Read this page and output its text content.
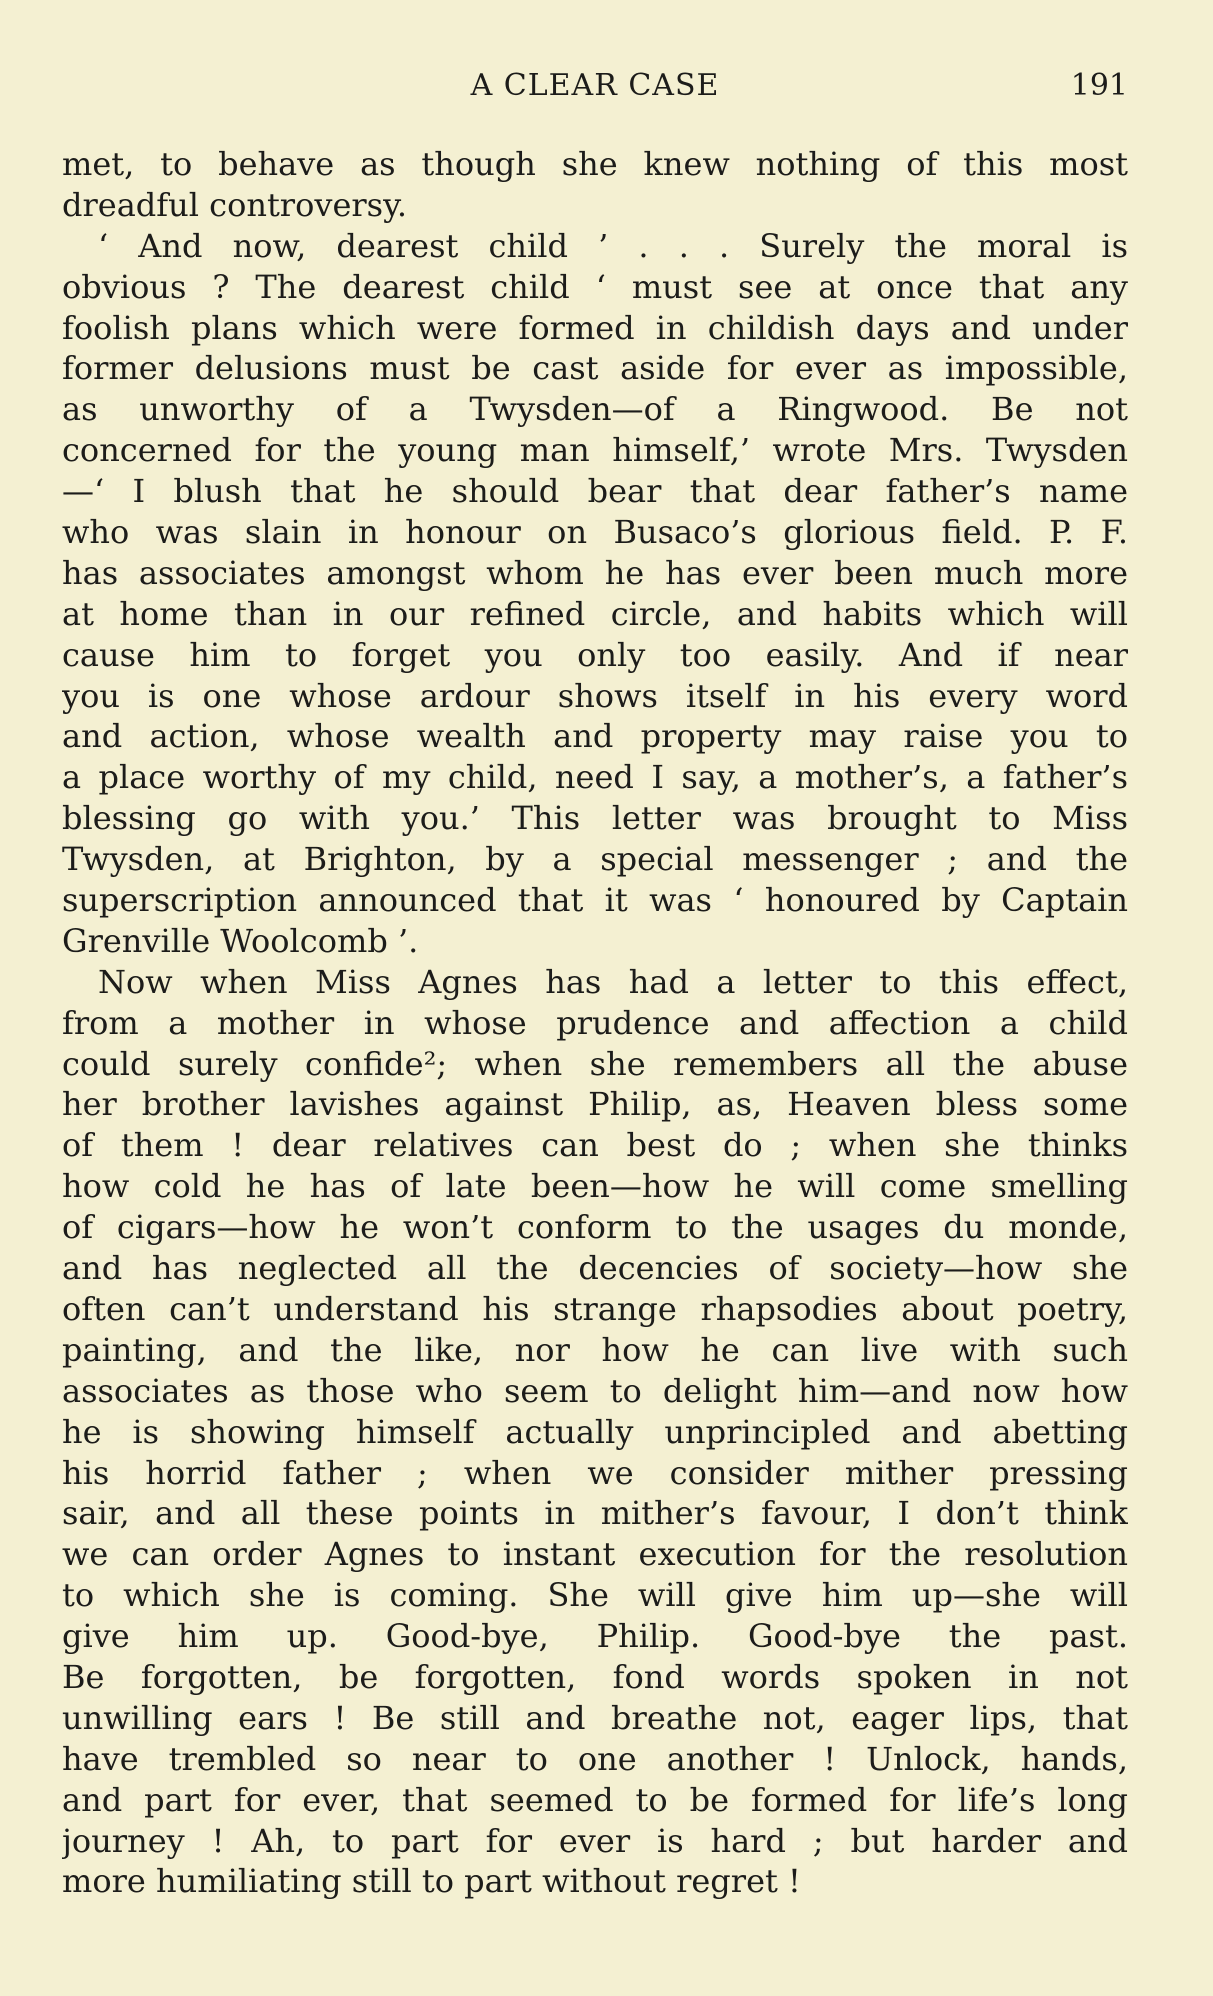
A CLEAR CASE	191
met, to behave as though she knew nothing of this most
dreadful controversy.
‘ And now, dearest child ’ . . . Surely the moral is
obvious ? The dearest child ‘ must see at once that any
foolish plans which were formed in childish days and under
former delusions must be cast aside for ever as impossible,
as unworthy of a Twysden—of a Ringwood. Be not
concerned for the young man himself,’ wrote Mrs. Twysden
—‘ I blush that he should bear that dear father’s name
who was slain in honour on Busaco’s glorious field. P. F.
has associates amongst whom he has ever been much more
at home than in our refined circle, and habits which will
cause him to forget you only too easily. And if near
you is one whose ardour shows itself in his every word
and action, whose wealth and property may raise you to
a place worthy of my child, need I say, a mother’s, a father’s
blessing go with you.’ This letter was brought to Miss
Twysden, at Brighton, by a special messenger ; and the
superscription announced that it was ‘ honoured by Captain
Grenville Woolcomb ’.
Now when Miss Agnes has had a letter to this effect,
from a mother in whose prudence and affection a child
could surely confide²; when she remembers all the abuse
her brother lavishes against Philip, as, Heaven bless some
of them ! dear relatives can best do ; when she thinks
how cold he has of late been—how he will come smelling
of cigars—how he won’t conform to the usages du monde,
and has neglected all the decencies of society—how she
often can’t understand his strange rhapsodies about poetry,
painting, and the like, nor how he can live with such
associates as those who seem to delight him—and now how
he is showing himself actually unprincipled and abetting
his horrid father ; when we consider mither pressing
sair, and all these points in mither’s favour, I don’t think
we can order Agnes to instant execution for the resolution
to which she is coming. She will give him up—she will
give him up. Good-bye, Philip. Good-bye the past.
Be forgotten, be forgotten, fond words spoken in not
unwilling ears ! Be still and breathe not, eager lips, that
have trembled so near to one another ! Unlock, hands,
and part for ever, that seemed to be formed for life’s long
journey ! Ah, to part for ever is hard ; but harder and
more humiliating still to part without regret !
